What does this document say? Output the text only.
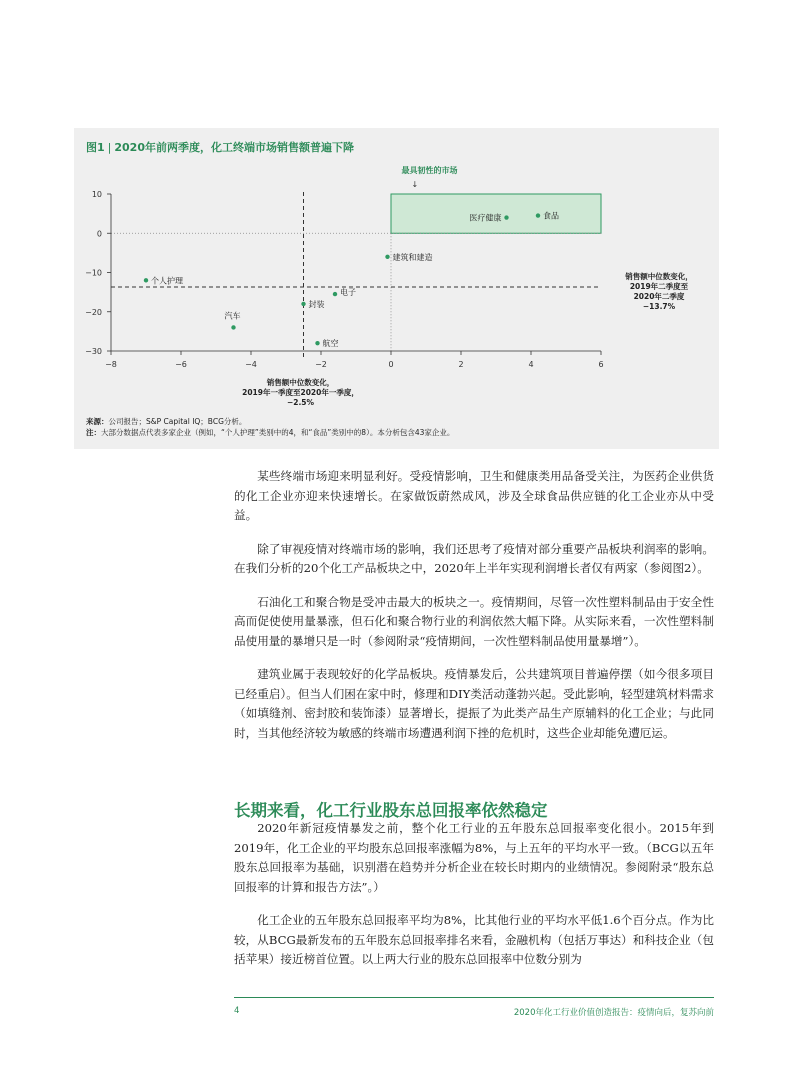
图1 | 2020年前两季度，化工终端市场销售额普遍下降
最具韧性的市场
↓
10
0
−10
−20
−30
−8	−6	−4	−2	0	2	4	6
食品
医疗健康
建筑和建造
个人护理
电子
封装
汽车
航空
销售额中位数变化，
2019年二季度至
2020年二季度
−13.7%
销售额中位数变化，
2019年一季度至2020年一季度，
−2.5%
来源：公司报告；S&P Capital IQ；BCG分析。
注：大部分数据点代表多家企业（例如，“个人护理”类别中的4，和“食品”类别中的8）。本分析包含43家企业。

某些终端市场迎来明显利好。受疫情影响，卫生和健康类用品备受关注，为医药企业供货的化工企业亦迎来快速增长。在家做饭蔚然成风，涉及全球食品供应链的化工企业亦从中受益。

除了审视疫情对终端市场的影响，我们还思考了疫情对部分重要产品板块利润率的影响。在我们分析的20个化工产品板块之中，2020年上半年实现利润增长者仅有两家（参阅图2）。

石油化工和聚合物是受冲击最大的板块之一。疫情期间，尽管一次性塑料制品由于安全性高而促使使用量暴涨，但石化和聚合物行业的利润依然大幅下降。从实际来看，一次性塑料制品使用量的暴增只是一时（参阅附录“疫情期间，一次性塑料制品使用量暴增”）。

建筑业属于表现较好的化学品板块。疫情暴发后，公共建筑项目普遍停摆（如今很多项目已经重启）。但当人们困在家中时，修理和DIY类活动蓬勃兴起。受此影响，轻型建筑材料需求（如填缝剂、密封胶和装饰漆）显著增长，提振了为此类产品生产原辅料的化工企业；与此同时，当其他经济较为敏感的终端市场遭遇利润下挫的危机时，这些企业却能免遭厄运。

长期来看，化工行业股东总回报率依然稳定

2020年新冠疫情暴发之前，整个化工行业的五年股东总回报率变化很小。2015年到2019年，化工企业的平均股东总回报率涨幅为8%，与上五年的平均水平一致。（BCG以五年股东总回报率为基础，识别潜在趋势并分析企业在较长时期内的业绩情况。参阅附录“股东总回报率的计算和报告方法”。）

化工企业的五年股东总回报率平均为8%，比其他行业的平均水平低1.6个百分点。作为比较，从BCG最新发布的五年股东总回报率排名来看，金融机构（包括万事达）和科技企业（包括苹果）接近榜首位置。以上两大行业的股东总回报率中位数分别为

4	2020年化工行业价值创造报告：疫情向后，复苏向前
